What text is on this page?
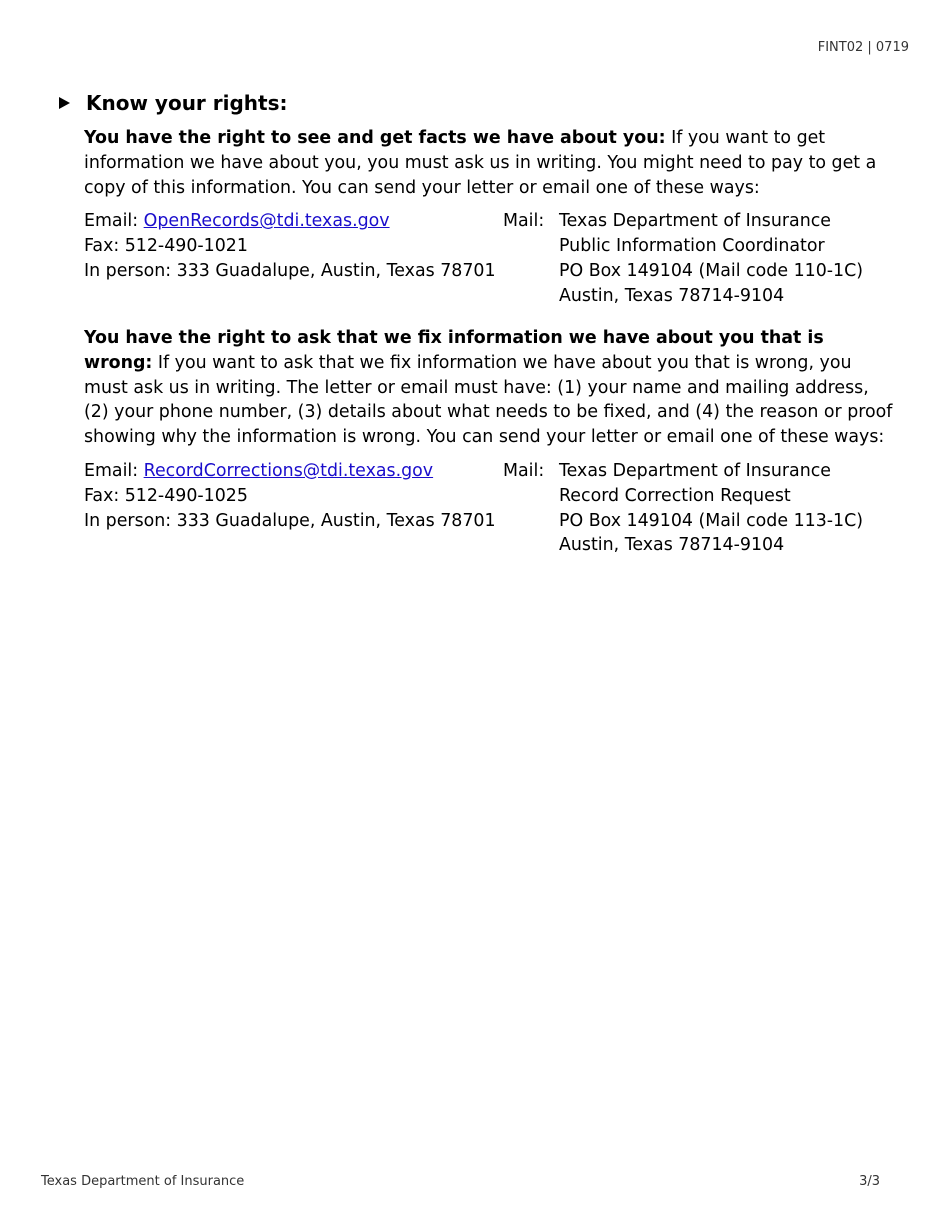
FINT02 | 0719
Know your rights:

You have the right to see and get facts we have about you: If you want to get information we have about you, you must ask us in writing. You might need to pay to get a copy of this information. You can send your letter or email one of these ways:

Email: OpenRecords@tdi.texas.gov
Fax: 512-490-1021
In person: 333 Guadalupe, Austin, Texas 78701
Mail: Texas Department of Insurance
Public Information Coordinator
PO Box 149104 (Mail code 110-1C)
Austin, Texas 78714-9104

You have the right to ask that we fix information we have about you that is wrong: If you want to ask that we fix information we have about you that is wrong, you must ask us in writing. The letter or email must have: (1) your name and mailing address, (2) your phone number, (3) details about what needs to be fixed, and (4) the reason or proof showing why the information is wrong. You can send your letter or email one of these ways:

Email: RecordCorrections@tdi.texas.gov
Fax: 512-490-1025
In person: 333 Guadalupe, Austin, Texas 78701
Mail: Texas Department of Insurance
Record Correction Request
PO Box 149104 (Mail code 113-1C)
Austin, Texas 78714-9104
Texas Department of Insurance	3/3
